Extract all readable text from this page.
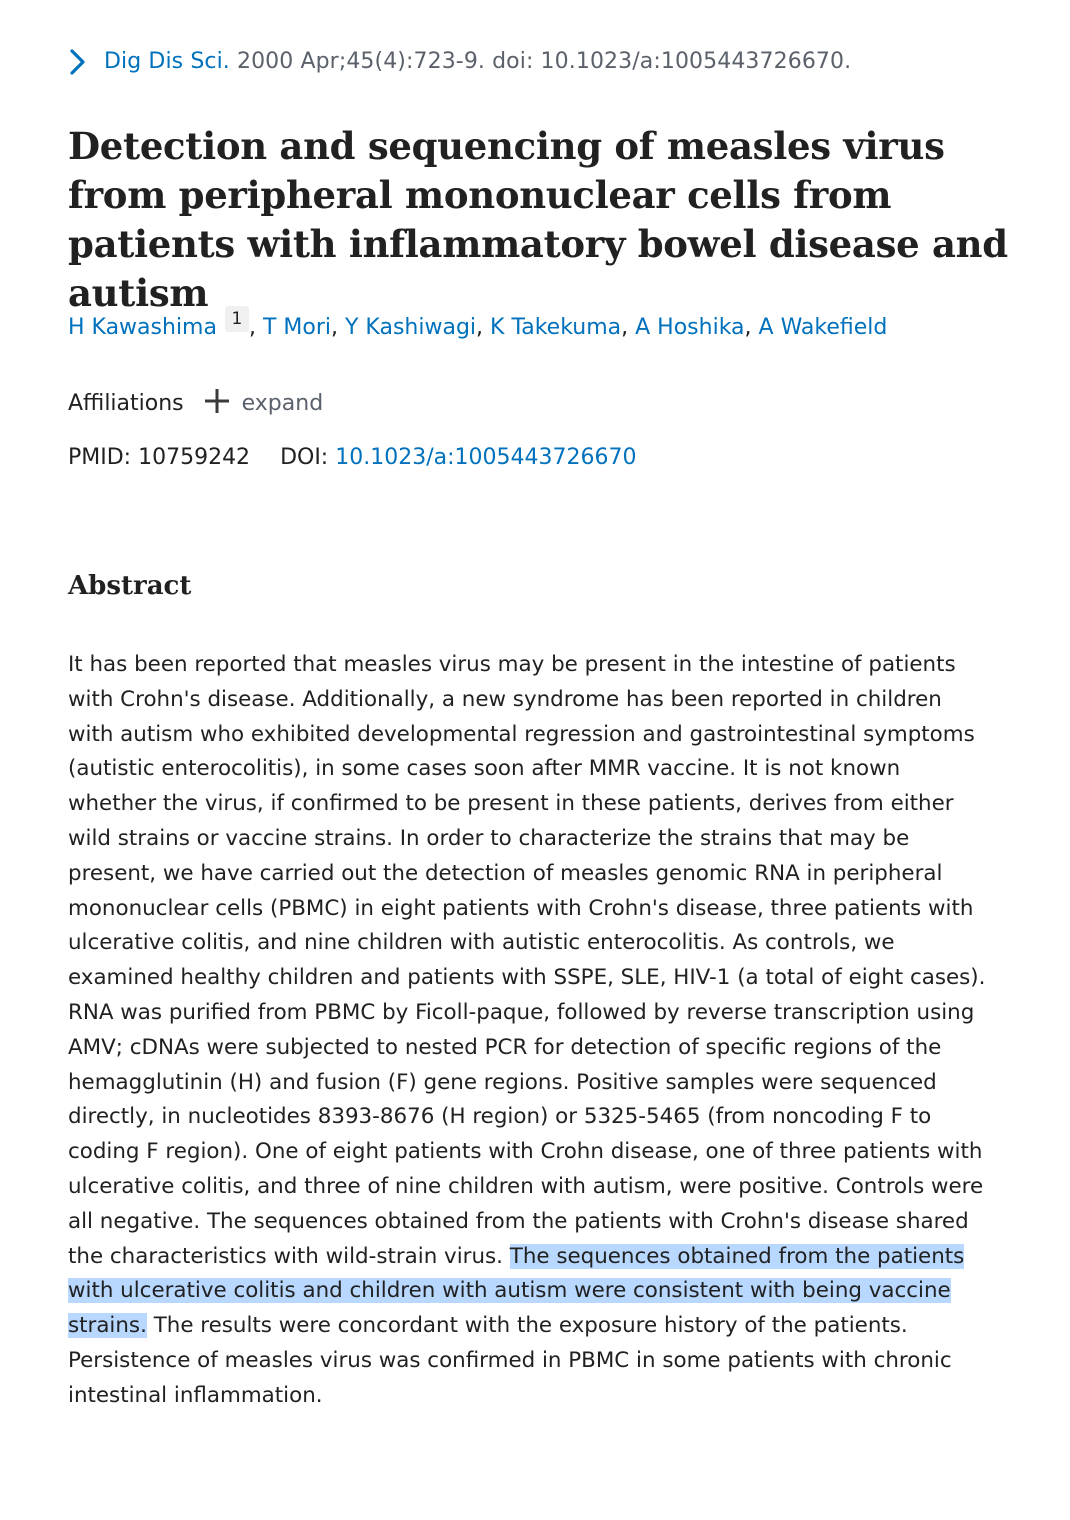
Dig Dis Sci. 2000 Apr;45(4):723-9. doi: 10.1023/a:1005443726670.
Detection and sequencing of measles virus from peripheral mononuclear cells from patients with inflammatory bowel disease and autism
H Kawashima 1 , T Mori, Y Kashiwagi, K Takekuma, A Hoshika, A Wakefield
Affiliations	expand
PMID: 10759242 DOI: 10.1023/a:1005443726670
Abstract

It has been reported that measles virus may be present in the intestine of patients with Crohn's disease. Additionally, a new syndrome has been reported in children with autism who exhibited developmental regression and gastrointestinal symptoms (autistic enterocolitis), in some cases soon after MMR vaccine. It is not known whether the virus, if confirmed to be present in these patients, derives from either wild strains or vaccine strains. In order to characterize the strains that may be present, we have carried out the detection of measles genomic RNA in peripheral mononuclear cells (PBMC) in eight patients with Crohn's disease, three patients with ulcerative colitis, and nine children with autistic enterocolitis. As controls, we examined healthy children and patients with SSPE, SLE, HIV-1 (a total of eight cases). RNA was purified from PBMC by Ficoll-paque, followed by reverse transcription using AMV; cDNAs were subjected to nested PCR for detection of specific regions of the hemagglutinin (H) and fusion (F) gene regions. Positive samples were sequenced directly, in nucleotides 8393-8676 (H region) or 5325-5465 (from noncoding F to coding F region). One of eight patients with Crohn disease, one of three patients with ulcerative colitis, and three of nine children with autism, were positive. Controls were all negative. The sequences obtained from the patients with Crohn's disease shared the characteristics with wild-strain virus. The sequences obtained from the patients with ulcerative colitis and children with autism were consistent with being vaccine strains. The results were concordant with the exposure history of the patients. Persistence of measles virus was confirmed in PBMC in some patients with chronic intestinal inflammation.
